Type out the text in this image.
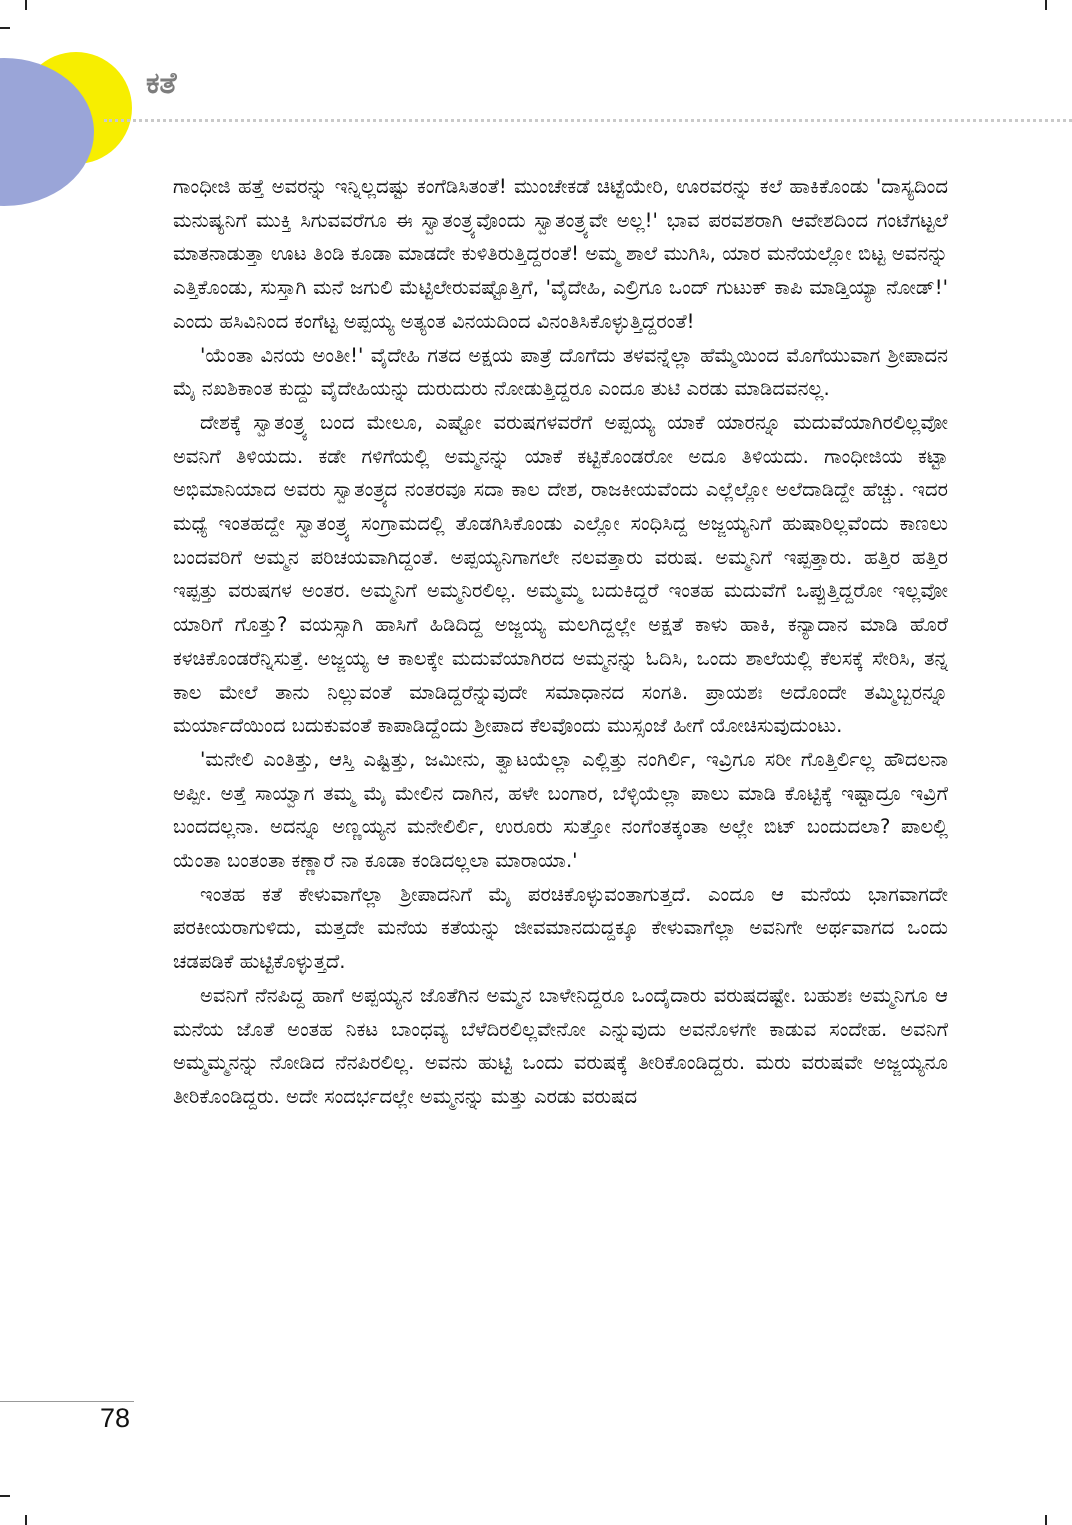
ಕತೆ

ಗಾಂಧೀಜಿ ಹತ್ತೆ ಅವರನ್ನು ಇನ್ನಿಲ್ಲದಷ್ಟು ಕಂಗೆಡಿಸಿತಂತೆ! ಮುಂಚೇಕಡೆ ಚಿಟ್ಟೆಯೇರಿ, ಊರವರನ್ನು ಕಲೆ ಹಾಕಿಕೊಂಡು 'ದಾಸ್ಯದಿಂದ ಮನುಷ್ಯನಿಗೆ ಮುಕ್ತಿ ಸಿಗುವವರೆಗೂ ಈ ಸ್ವಾತಂತ್ರ್ಯವೊಂದು ಸ್ವಾತಂತ್ರ್ಯವೇ ಅಲ್ಲ!' ಭಾವ ಪರವಶರಾಗಿ ಆವೇಶದಿಂದ ಗಂಟೆಗಟ್ಟಲೆ ಮಾತನಾಡುತ್ತಾ ಊಟ ತಿಂಡಿ ಕೂಡಾ ಮಾಡದೇ ಕುಳಿತಿರುತ್ತಿದ್ದರಂತೆ! ಅಮ್ಮ ಶಾಲೆ ಮುಗಿಸಿ, ಯಾರ ಮನೆಯಲ್ಲೋ ಬಿಟ್ಟ ಅವನನ್ನು ಎತ್ತಿಕೊಂಡು, ಸುಸ್ತಾಗಿ ಮನೆ ಜಗುಲಿ ಮೆಟ್ಟಿಲೇರುವಷ್ಟೊತ್ತಿಗೆ, 'ವೈದೇಹಿ, ಎಲ್ರಿಗೂ ಒಂದ್ ಗುಟುಕ್ ಕಾಪಿ ಮಾಡ್ತಿಯ್ಯಾ ನೋಡ್!' ಎಂದು ಹಸಿವಿನಿಂದ ಕಂಗೆಟ್ಟ ಅಪ್ಪಯ್ಯ ಅತ್ಯಂತ ವಿನಯದಿಂದ ವಿನಂತಿಸಿಕೊಳ್ಳುತ್ತಿದ್ದರಂತೆ!

'ಯೆಂತಾ ವಿನಯ ಅಂತೀ!' ವೈದೇಹಿ ಗತದ ಅಕ್ಷಯ ಪಾತ್ರೆ ದೊಗೆದು ತಳವನ್ನೆಲ್ಲಾ ಹೆಮ್ಮೆಯಿಂದ ಮೊಗೆಯುವಾಗ ಶ್ರೀಪಾದನ ಮೈ ನಖಶಿಕಾಂತ ಕುದ್ದು ವೈದೇಹಿಯನ್ನು ದುರುದುರು ನೋಡುತ್ತಿದ್ದರೂ ಎಂದೂ ತುಟಿ ಎರಡು ಮಾಡಿದವನಲ್ಲ.

ದೇಶಕ್ಕೆ ಸ್ವಾತಂತ್ರ್ಯ ಬಂದ ಮೇಲೂ, ಎಷ್ಟೋ ವರುಷಗಳವರೆಗೆ ಅಪ್ಪಯ್ಯ ಯಾಕೆ ಯಾರನ್ನೂ ಮದುವೆಯಾಗಿರಲಿಲ್ಲವೋ ಅವನಿಗೆ ತಿಳಿಯದು. ಕಡೇ ಗಳಿಗೆಯಲ್ಲಿ ಅಮ್ಮನನ್ನು ಯಾಕೆ ಕಟ್ಟಿಕೊಂಡರೋ ಅದೂ ತಿಳಿಯದು. ಗಾಂಧೀಜಿಯ ಕಟ್ಟಾ ಅಭಿಮಾನಿಯಾದ ಅವರು ಸ್ವಾತಂತ್ರ್ಯದ ನಂತರವೂ ಸದಾ ಕಾಲ ದೇಶ, ರಾಜಕೀಯವೆಂದು ಎಲ್ಲೆಲ್ಲೋ ಅಲೆದಾಡಿದ್ದೇ ಹೆಚ್ಚು. ಇದರ ಮಧ್ಯೆ ಇಂತಹದ್ದೇ ಸ್ವಾತಂತ್ರ್ಯ ಸಂಗ್ರಾಮದಲ್ಲಿ ತೊಡಗಿಸಿಕೊಂಡು ಎಲ್ಲೋ ಸಂಧಿಸಿದ್ದ ಅಜ್ಜಯ್ಯನಿಗೆ ಹುಷಾರಿಲ್ಲವೆಂದು ಕಾಣಲು ಬಂದವರಿಗೆ ಅಮ್ಮನ ಪರಿಚಯವಾಗಿದ್ದಂತೆ. ಅಪ್ಪಯ್ಯನಿಗಾಗಲೇ ನಲವತ್ತಾರು ವರುಷ. ಅಮ್ಮನಿಗೆ ಇಪ್ಪತ್ತಾರು. ಹತ್ತಿರ ಹತ್ತಿರ ಇಪ್ಪತ್ತು ವರುಷಗಳ ಅಂತರ. ಅಮ್ಮನಿಗೆ ಅಮ್ಮನಿರಲಿಲ್ಲ. ಅಮ್ಮಮ್ಮ ಬದುಕಿದ್ದರೆ ಇಂತಹ ಮದುವೆಗೆ ಒಪ್ಪುತ್ತಿದ್ದರೋ ಇಲ್ಲವೋ ಯಾರಿಗೆ ಗೊತ್ತು? ವಯಸ್ಸಾಗಿ ಹಾಸಿಗೆ ಹಿಡಿದಿದ್ದ ಅಜ್ಜಯ್ಯ ಮಲಗಿದ್ದಲ್ಲೇ ಅಕ್ಷತೆ ಕಾಳು ಹಾಕಿ, ಕನ್ಯಾದಾನ ಮಾಡಿ ಹೊರೆ ಕಳಚಿಕೊಂಡರೆನ್ನಿಸುತ್ತೆ. ಅಜ್ಜಯ್ಯ ಆ ಕಾಲಕ್ಕೇ ಮದುವೆಯಾಗಿರದ ಅಮ್ಮನನ್ನು ಓದಿಸಿ, ಒಂದು ಶಾಲೆಯಲ್ಲಿ ಕೆಲಸಕ್ಕೆ ಸೇರಿಸಿ, ತನ್ನ ಕಾಲ ಮೇಲೆ ತಾನು ನಿಲ್ಲುವಂತೆ ಮಾಡಿದ್ದರೆನ್ನುವುದೇ ಸಮಾಧಾನದ ಸಂಗತಿ. ಪ್ರಾಯಶಃ ಅದೊಂದೇ ತಮ್ಮಿಬ್ಬರನ್ನೂ ಮರ್ಯಾದೆಯಿಂದ ಬದುಕುವಂತೆ ಕಾಪಾಡಿದ್ದೆಂದು ಶ್ರೀಪಾದ ಕೆಲವೊಂದು ಮುಸ್ಸಂಜೆ ಹೀಗೆ ಯೋಚಿಸುವುದುಂಟು.

'ಮನೇಲಿ ಎಂತಿತ್ತು, ಆಸ್ತಿ ಎಷ್ಟಿತ್ತು, ಜಮೀನು, ತ್ವಾಟಯೆಲ್ಲಾ ಎಲ್ಲಿತ್ತು ನಂಗಿರ್ಲಿ, ಇವ್ರಿಗೂ ಸರೀ ಗೊತ್ತಿರ್ಲಿಲ್ಲ ಹೌದಲನಾ ಅಪ್ಪೀ. ಅತ್ತೆ ಸಾಯ್ವಾಗ ತಮ್ಮ ಮೈ ಮೇಲಿನ ದಾಗಿನ, ಹಳೇ ಬಂಗಾರ, ಬೆಳ್ಳಿಯೆಲ್ಲಾ ಪಾಲು ಮಾಡಿ ಕೊಟ್ಟಿಕ್ಕೆ ಇಷ್ಟಾದ್ರೂ ಇವ್ರಿಗೆ ಬಂದದಲ್ಲನಾ. ಅದನ್ನೂ ಅಣ್ಣಯ್ಯನ ಮನೇಲಿರ್ಲಿ, ಉರೂರು ಸುತ್ತೋ ನಂಗೆಂತಕ್ಕಂತಾ ಅಲ್ಲೇ ಬಿಟ್ ಬಂದುದಲಾ? ಪಾಲಲ್ಲಿ ಯೆಂತಾ ಬಂತಂತಾ ಕಣ್ಣಾರೆ ನಾ ಕೂಡಾ ಕಂಡಿದಲ್ಲಲಾ ಮಾರಾಯಾ.'

ಇಂತಹ ಕತೆ ಕೇಳುವಾಗೆಲ್ಲಾ ಶ್ರೀಪಾದನಿಗೆ ಮೈ ಪರಚಿಕೊಳ್ಳುವಂತಾಗುತ್ತದೆ. ಎಂದೂ ಆ ಮನೆಯ ಭಾಗವಾಗದೇ ಪರಕೀಯರಾಗುಳಿದು, ಮತ್ತದೇ ಮನೆಯ ಕತೆಯನ್ನು ಜೀವಮಾನದುದ್ದಕ್ಕೂ ಕೇಳುವಾಗೆಲ್ಲಾ ಅವನಿಗೇ ಅರ್ಥವಾಗದ ಒಂದು ಚಡಪಡಿಕೆ ಹುಟ್ಟಿಕೊಳ್ಳುತ್ತದೆ.

ಅವನಿಗೆ ನೆನಪಿದ್ದ ಹಾಗೆ ಅಪ್ಪಯ್ಯನ ಜೊತೆಗಿನ ಅಮ್ಮನ ಬಾಳೇನಿದ್ದರೂ ಒಂದೈದಾರು ವರುಷದಷ್ಟೇ. ಬಹುಶಃ ಅಮ್ಮನಿಗೂ ಆ ಮನೆಯ ಜೊತೆ ಅಂತಹ ನಿಕಟ ಬಾಂಧವ್ಯ ಬೆಳೆದಿರಲಿಲ್ಲವೇನೋ ಎನ್ನುವುದು ಅವನೊಳಗೇ ಕಾಡುವ ಸಂದೇಹ. ಅವನಿಗೆ ಅಮ್ಮಮ್ಮನನ್ನು ನೋಡಿದ ನೆನಪಿರಲಿಲ್ಲ. ಅವನು ಹುಟ್ಟಿ ಒಂದು ವರುಷಕ್ಕೆ ತೀರಿಕೊಂಡಿದ್ದರು. ಮರು ವರುಷವೇ ಅಜ್ಜಯ್ಯನೂ ತೀರಿಕೊಂಡಿದ್ದರು. ಅದೇ ಸಂದರ್ಭದಲ್ಲೇ ಅಮ್ಮನನ್ನು ಮತ್ತು ಎರಡು ವರುಷದ

78
